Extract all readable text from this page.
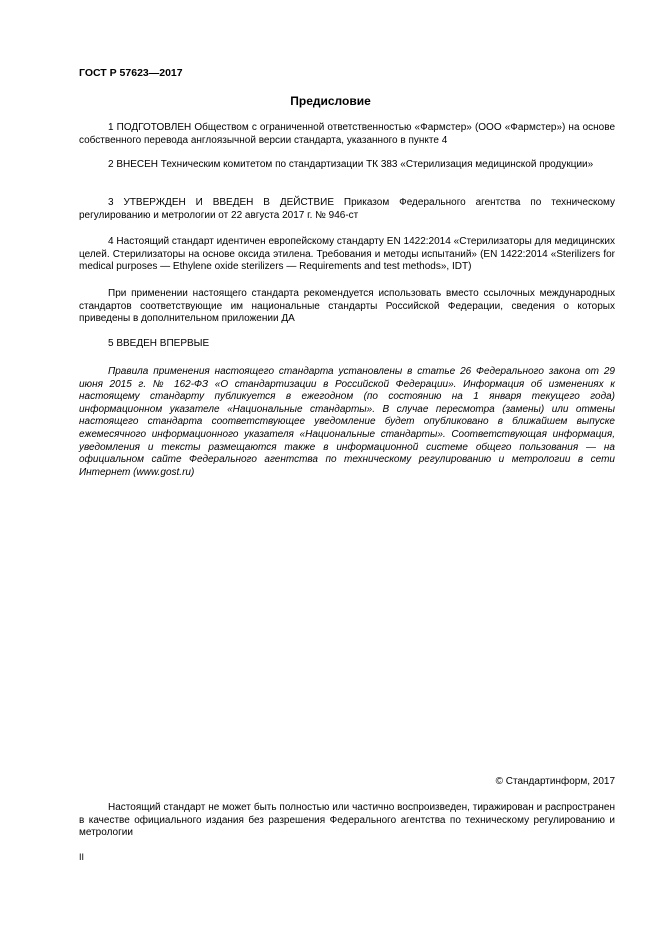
ГОСТ Р 57623—2017
Предисловие

1 ПОДГОТОВЛЕН Обществом с ограниченной ответственностью «Фармстер» (ООО «Фармстер») на основе собственного перевода англоязычной версии стандарта, указанного в пункте 4

2 ВНЕСЕН Техническим комитетом по стандартизации ТК 383 «Стерилизация медицинской продукции»

3 УТВЕРЖДЕН И ВВЕДЕН В ДЕЙСТВИЕ Приказом Федерального агентства по техническому регулированию и метрологии от 22 августа 2017 г. № 946-ст

4 Настоящий стандарт идентичен европейскому стандарту EN 1422:2014 «Стерилизаторы для медицинских целей. Стерилизаторы на основе оксида этилена. Требования и методы испытаний» (EN 1422:2014 «Sterilizers for medical purposes — Ethylene oxide sterilizers — Requirements and test methods», IDT)

При применении настоящего стандарта рекомендуется использовать вместо ссылочных международных стандартов соответствующие им национальные стандарты Российской Федерации, сведения о которых приведены в дополнительном приложении ДА

5 ВВЕДЕН ВПЕРВЫЕ

Правила применения настоящего стандарта установлены в статье 26 Федерального закона от 29 июня 2015 г. № 162-ФЗ «О стандартизации в Российской Федерации». Информация об изменениях к настоящему стандарту публикуется в ежегодном (по состоянию на 1 января текущего года) информационном указателе «Национальные стандарты». В случае пересмотра (замены) или отмены настоящего стандарта соответствующее уведомление будет опубликовано в ближайшем выпуске ежемесячного информационного указателя «Национальные стандарты». Соответствующая информация, уведомления и тексты размещаются также в информационной системе общего пользования — на официальном сайте Федерального агентства по техническому регулированию и метрологии в сети Интернет (www.gost.ru)

© Стандартинформ, 2017

Настоящий стандарт не может быть полностью или частично воспроизведен, тиражирован и распространен в качестве официального издания без разрешения Федерального агентства по техническому регулированию и метрологии

II
